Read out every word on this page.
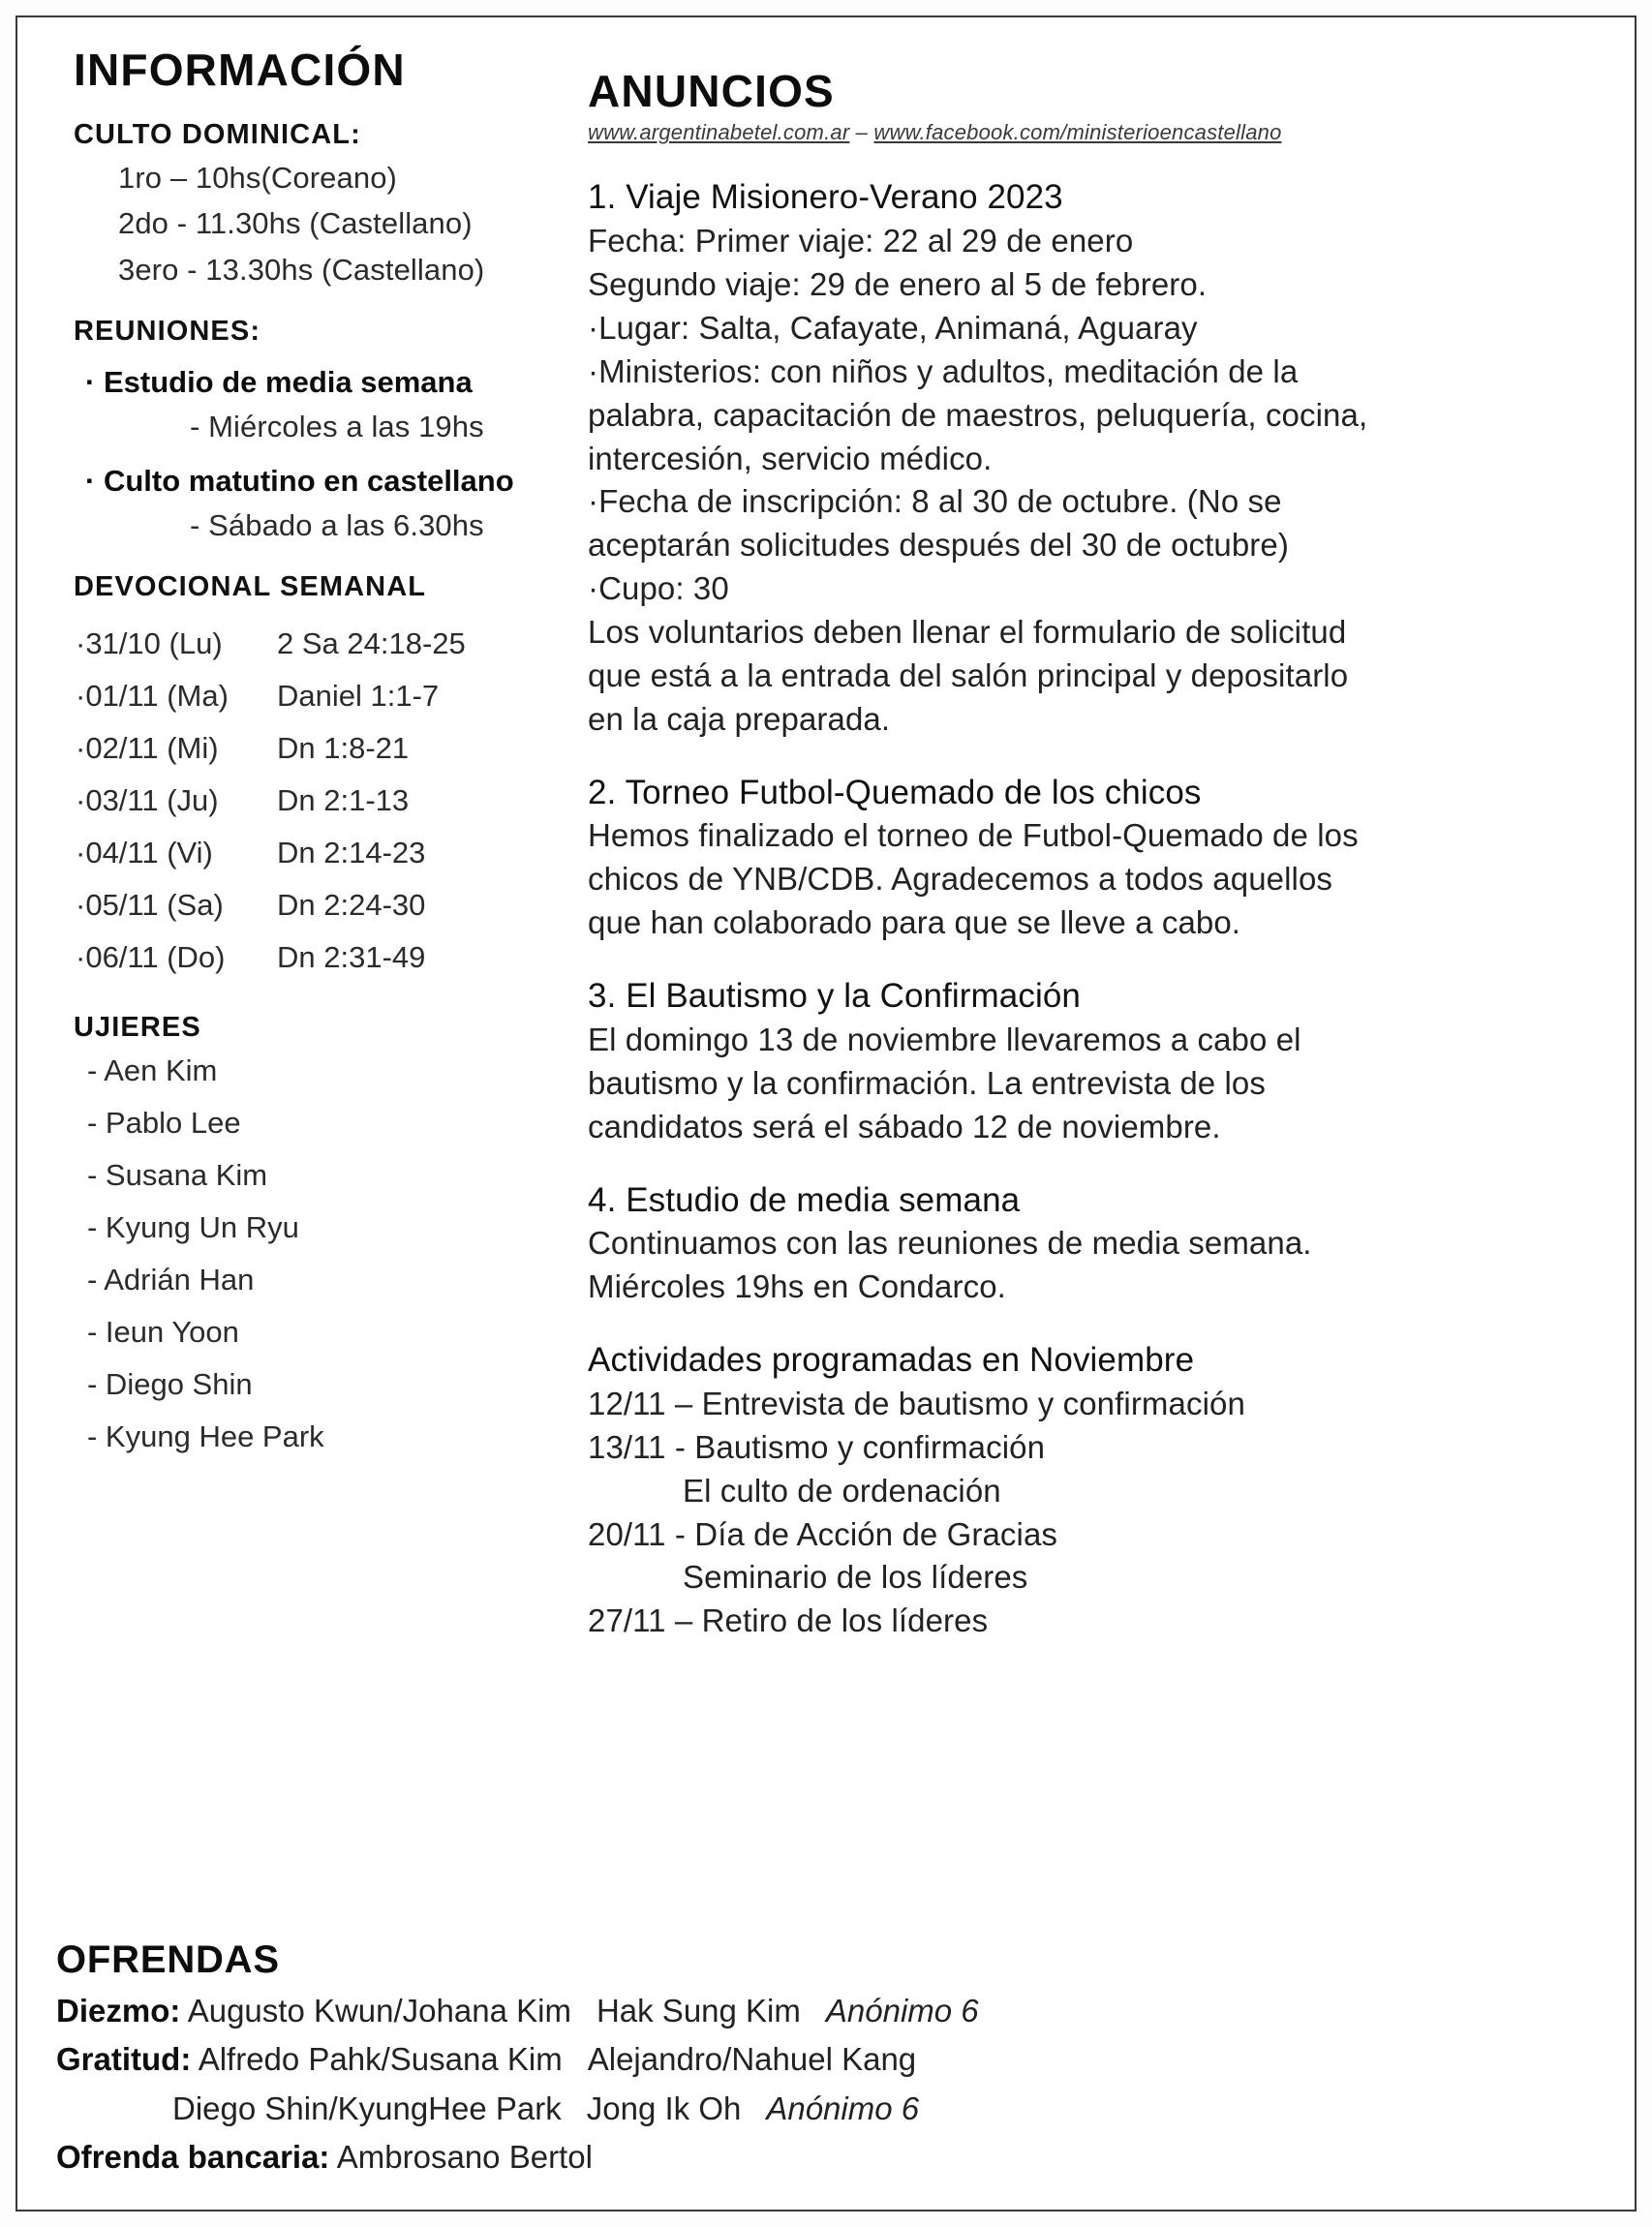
INFORMACIÓN
CULTO DOMINICAL:
1ro – 10hs(Coreano)
2do - 11.30hs (Castellano)
3ero - 13.30hs (Castellano)
REUNIONES:
· Estudio de media semana
- Miércoles a las 19hs
· Culto matutino en castellano
- Sábado a las 6.30hs
DEVOCIONAL SEMANAL
·31/10 (Lu)	2 Sa 24:18-25
·01/11 (Ma)	Daniel 1:1-7
·02/11 (Mi)	Dn 1:8-21
·03/11 (Ju)	Dn 2:1-13
·04/11 (Vi)	Dn 2:14-23
·05/11 (Sa)	Dn 2:24-30
·06/11 (Do)	Dn 2:31-49
UJIERES
- Aen Kim
- Pablo Lee
- Susana Kim
- Kyung Un Ryu
- Adrián Han
- Ieun Yoon
- Diego Shin
- Kyung Hee Park
ANUNCIOS
www.argentinabetel.com.ar – www.facebook.com/ministerioencastellano
1. Viaje Misionero-Verano 2023
Fecha: Primer viaje: 22 al 29 de enero
Segundo viaje: 29 de enero al 5 de febrero.
·Lugar: Salta, Cafayate, Animaná, Aguaray
·Ministerios: con niños y adultos, meditación de la
palabra, capacitación de maestros, peluquería, cocina,
intercesión, servicio médico.
·Fecha de inscripción: 8 al 30 de octubre. (No se
aceptarán solicitudes después del 30 de octubre)
·Cupo: 30
Los voluntarios deben llenar el formulario de solicitud
que está a la entrada del salón principal y depositarlo
en la caja preparada.
2. Torneo Futbol-Quemado de los chicos
Hemos finalizado el torneo de Futbol-Quemado de los
chicos de YNB/CDB. Agradecemos a todos aquellos
que han colaborado para que se lleve a cabo.
3. El Bautismo y la Confirmación
El domingo 13 de noviembre llevaremos a cabo el
bautismo y la confirmación. La entrevista de los
candidatos será el sábado 12 de noviembre.
4. Estudio de media semana
Continuamos con las reuniones de media semana.
Miércoles 19hs en Condarco.
Actividades programadas en Noviembre
12/11 – Entrevista de bautismo y confirmación
13/11 - Bautismo y confirmación
El culto de ordenación
20/11 - Día de Acción de Gracias
Seminario de los líderes
27/11 – Retiro de los líderes
OFRENDAS
Diezmo: Augusto Kwun/Johana Kim Hak Sung Kim Anónimo 6
Gratitud: Alfredo Pahk/Susana Kim Alejandro/Nahuel Kang
Diego Shin/KyungHee Park Jong Ik Oh Anónimo 6
Ofrenda bancaria: Ambrosano Bertol
